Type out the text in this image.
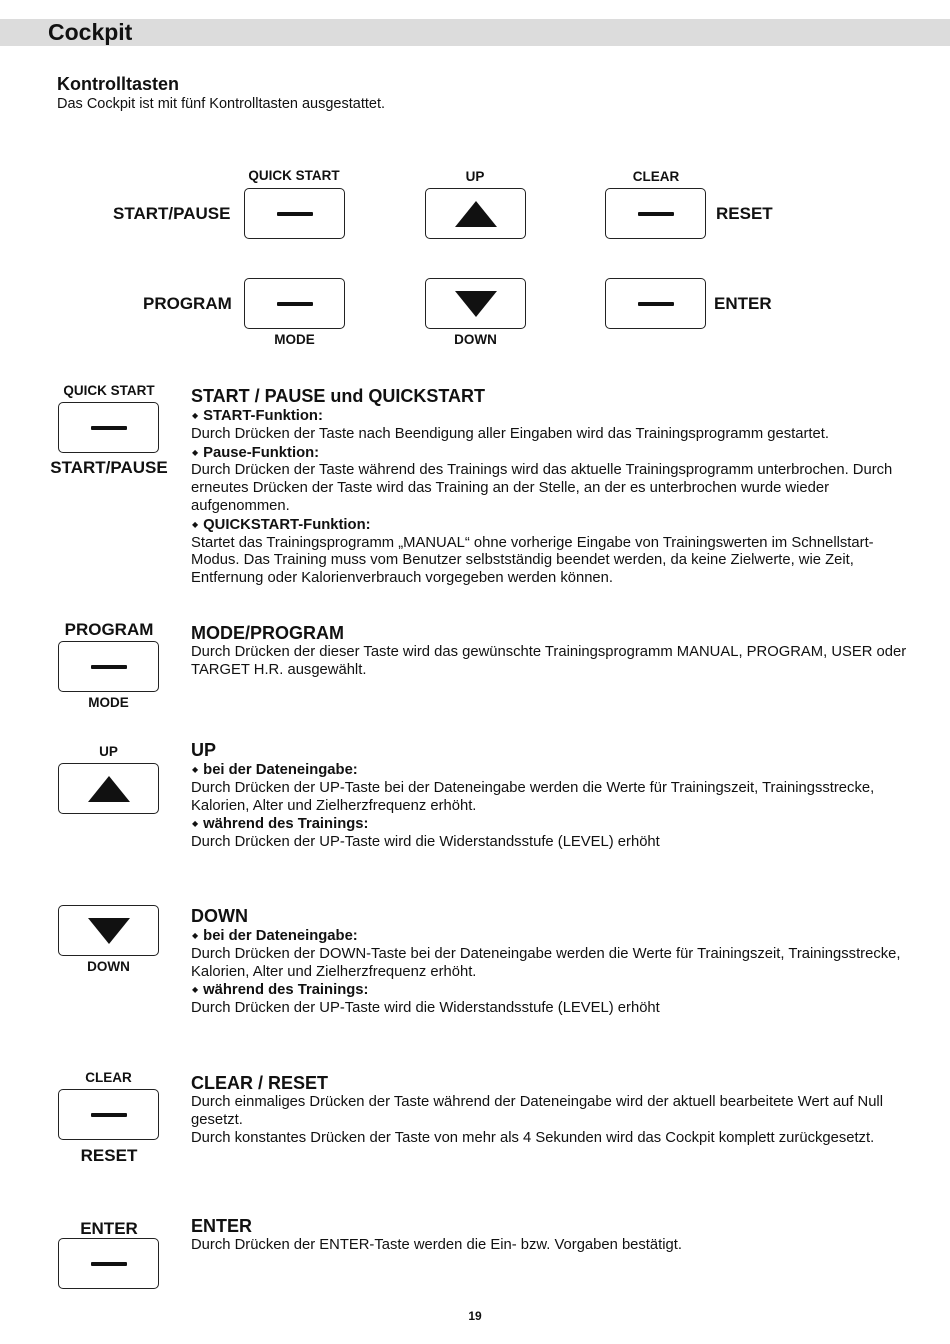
Cockpit
Kontrolltasten
Das Cockpit ist mit fünf Kontrolltasten ausgestattet.
QUICK START	UP	CLEAR
START/PAUSE	RESET
PROGRAM	ENTER
MODE	DOWN
QUICK START
START/PAUSE
START / PAUSE und QUICKSTART
◆ START-Funktion:
Durch Drücken der Taste nach Beendigung aller Eingaben wird das Trainingsprogramm gestartet.
◆ Pause-Funktion:
Durch Drücken der Taste während des Trainings wird das aktuelle Trainingsprogramm unterbrochen. Durch erneutes Drücken der Taste wird das Training an der Stelle, an der es unterbrochen wurde wieder aufgenommen.
◆ QUICKSTART-Funktion:
Startet das Trainingsprogramm „MANUAL“ ohne vorherige Eingabe von Trainingswerten im Schnellstart-Modus. Das Training muss vom Benutzer selbstständig beendet werden, da keine Zielwerte, wie Zeit, Entfernung oder Kalorienverbrauch vorgegeben werden können.
PROGRAM
MODE
MODE/PROGRAM
Durch Drücken der dieser Taste wird das gewünschte Trainingsprogramm MANUAL, PROGRAM, USER oder TARGET H.R. ausgewählt.
UP	UP
◆ bei der Dateneingabe:
Durch Drücken der UP-Taste bei der Dateneingabe werden die Werte für Trainingszeit, Trainingsstrecke, Kalorien, Alter und Zielherzfrequenz erhöht.
◆ während des Trainings:
Durch Drücken der UP-Taste wird die Widerstandsstufe (LEVEL) erhöht
DOWN
DOWN
◆ bei der Dateneingabe:
Durch Drücken der DOWN-Taste bei der Dateneingabe werden die Werte für Trainingszeit, Trainingsstrecke, Kalorien, Alter und Zielherzfrequenz erhöht.
◆ während des Trainings:
Durch Drücken der UP-Taste wird die Widerstandsstufe (LEVEL) erhöht
CLEAR
RESET
CLEAR / RESET
Durch einmaliges Drücken der Taste während der Dateneingabe wird der aktuell bearbeitete Wert auf Null gesetzt.
Durch konstantes Drücken der Taste von mehr als 4 Sekunden wird das Cockpit komplett zurückgesetzt.
ENTER	ENTER
Durch Drücken der ENTER-Taste werden die Ein- bzw. Vorgaben bestätigt.
19
